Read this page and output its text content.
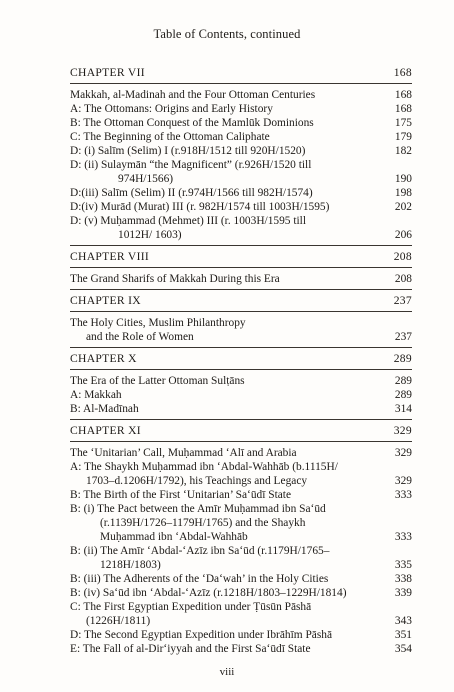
Table of Contents, continued
CHAPTER VII	168
Makkah, al-Madinah and the Four Ottoman Centuries	168
A: The Ottomans: Origins and Early History	168
B: The Ottoman Conquest of the Mamlūk Dominions	175
C: The Beginning of the Ottoman Caliphate	179
D: (i) Salīm (Selim) I (r.918H/1512 till 920H/1520)	182
D: (ii) Sulaymān “the Magnificent” (r.926H/1520 till
974H/1566)	190
D:(iii) Salīm (Selim) II (r.974H/1566 till 982H/1574)	198
D:(iv) Murād (Murat) III (r. 982H/1574 till 1003H/1595)	202
D: (v) Muḥammad (Mehmet) III (r. 1003H/1595 till
1012H/ 1603)	206
CHAPTER VIII	208
The Grand Sharifs of Makkah During this Era	208
CHAPTER IX	237
The Holy Cities, Muslim Philanthropy
and the Role of Women	237
CHAPTER X	289
The Era of the Latter Ottoman Sulṭāns	289
A: Makkah	289
B: Al-Madīnah	314
CHAPTER XI	329
The ‘Unitarian’ Call, Muḥammad ‘Alī and Arabia	329
A: The Shaykh Muḥammad ibn ‘Abdal-Wahhāb (b.1115H/
1703–d.1206H/1792), his Teachings and Legacy	329
B: The Birth of the First ‘Unitarian’ Sa‘ūdī State	333
B: (i) The Pact between the Amīr Muḥammad ibn Sa‘ūd
(r.1139H/1726–1179H/1765) and the Shaykh
Muḥammad ibn ‘Abdal-Wahhāb	333
B: (ii) The Amīr ‘Abdal-‘Azīz ibn Sa‘ūd (r.1179H/1765–
1218H/1803)	335
B: (iii) The Adherents of the ‘Da‘wah’ in the Holy Cities	338
B: (iv) Sa‘ūd ibn ‘Abdal-‘Azīz (r.1218H/1803–1229H/1814)	339
C: The First Egyptian Expedition under Ṭūsūn Pāshā
(1226H/1811)	343
D: The Second Egyptian Expedition under Ibrāhīm Pāshā	351
E: The Fall of al-Dir‘iyyah and the First Sa‘ūdī State	354
viii
